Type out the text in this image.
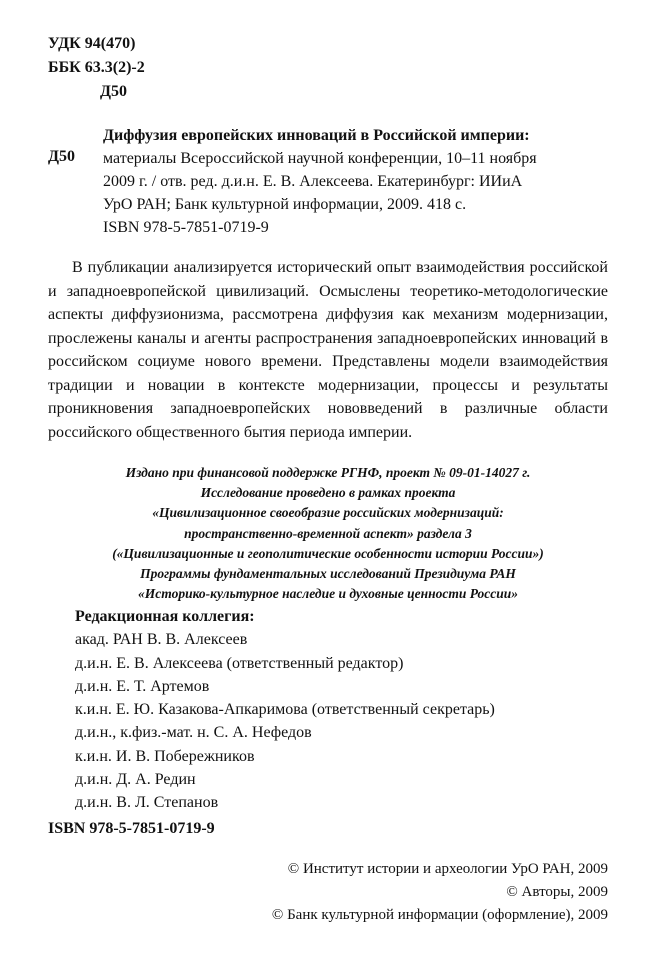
УДК 94(470)
ББК 63.3(2)-2
Д50
Д50
Диффузия европейских инноваций в Российской империи:
материалы Всероссийской научной конференции, 10–11 ноября
2009 г. / отв. ред. д.и.н. Е. В. Алексеева. Екатеринбург: ИИиА
УрО РАН; Банк культурной информации, 2009. 418 с.
ISBN 978-5-7851-0719-9
В публикации анализируется исторический опыт взаимодействия российской и западноевропейской цивилизаций. Осмыслены теоретико-методологические аспекты диффузионизма, рассмотрена диффузия как механизм модернизации, прослежены каналы и агенты распространения западноевропейских инноваций в российском социуме нового времени. Представлены модели взаимодействия традиции и новации в контексте модернизации, процессы и результаты проникновения западноевропейских нововведений в различные области российского общественного бытия периода империи.
Издано при финансовой поддержке РГНФ, проект № 09-01-14027 г.
Исследование проведено в рамках проекта
«Цивилизационное своеобразие российских модернизаций:
пространственно-временной аспект» раздела 3
(«Цивилизационные и геополитические особенности истории России»)
Программы фундаментальных исследований Президиума РАН
«Историко-культурное наследие и духовные ценности России»
Редакционная коллегия:
акад. РАН В. В. Алексеев
д.и.н. Е. В. Алексеева (ответственный редактор)
д.и.н. Е. Т. Артемов
к.и.н. Е. Ю. Казакова-Апкаримова (ответственный секретарь)
д.и.н., к.физ.-мат. н. С. А. Нефедов
к.и.н. И. В. Побережников
д.и.н. Д. А. Редин
д.и.н. В. Л. Степанов
ISBN 978-5-7851-0719-9
© Институт истории и археологии УрО РАН, 2009
© Авторы, 2009
© Банк культурной информации (оформление), 2009
